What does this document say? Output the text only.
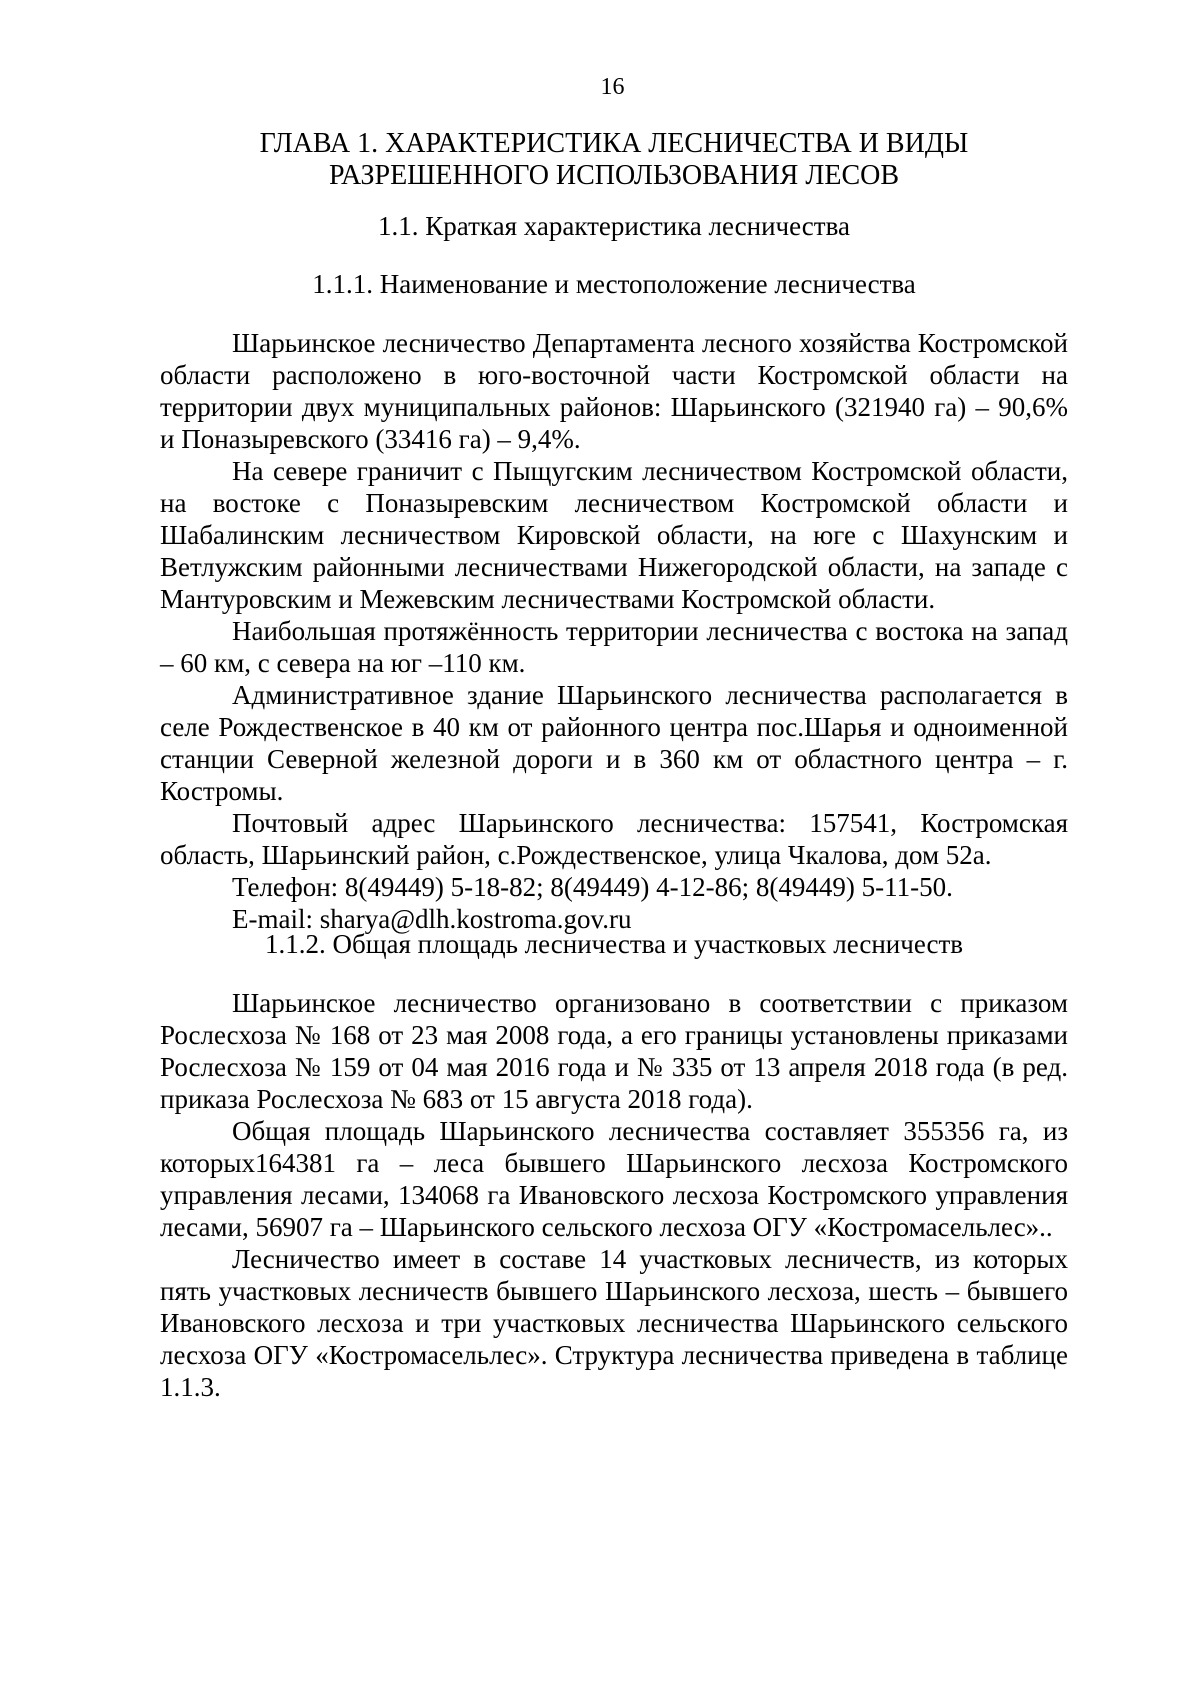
16
ГЛАВА 1. ХАРАКТЕРИСТИКА ЛЕСНИЧЕСТВА И ВИДЫ
РАЗРЕШЕННОГО ИСПОЛЬЗОВАНИЯ ЛЕСОВ
1.1. Краткая характеристика лесничества
1.1.1. Наименование и местоположение лесничества

Шарьинское лесничество Департамента лесного хозяйства Костромской области расположено в юго-восточной части Костромской области на территории двух муниципальных районов: Шарьинского (321940 га) – 90,6% и Поназыревского (33416 га) – 9,4%.

На севере граничит с Пыщугским лесничеством Костромской области, на востоке с Поназыревским лесничеством Костромской области и Шабалинским лесничеством Кировской области, на юге с Шахунским и Ветлужским районными лесничествами Нижегородской области, на западе с Мантуровским и Межевским лесничествами Костромской области.

Наибольшая протяжённость территории лесничества с востока на запад – 60 км, с севера на юг –110 км.

Административное здание Шарьинского лесничества располагается в селе Рождественское в 40 км от районного центра пос.Шарья и одноименной станции Северной железной дороги и в 360 км от областного центра – г. Костромы.

Почтовый адрес Шарьинского лесничества: 157541, Костромская область, Шарьинский район, с.Рождественское, улица Чкалова, дом 52а.

Телефон: 8(49449) 5-18-82; 8(49449) 4-12-86; 8(49449) 5-11-50.

E-mail: sharya@dlh.kostroma.gov.ru

1.1.2. Общая площадь лесничества и участковых лесничеств

Шарьинское лесничество организовано в соответствии с приказом Рослесхоза № 168 от 23 мая 2008 года, а его границы установлены приказами Рослесхоза № 159 от 04 мая 2016 года и № 335 от 13 апреля 2018 года (в ред. приказа Рослесхоза № 683 от 15 августа 2018 года).

Общая площадь Шарьинского лесничества составляет 355356 га, из которых164381 га – леса бывшего Шарьинского лесхоза Костромского управления лесами, 134068 га Ивановского лесхоза Костромского управления лесами, 56907 га – Шарьинского сельского лесхоза ОГУ «Костромасельлес»..

Лесничество имеет в составе 14 участковых лесничеств, из которых пять участковых лесничеств бывшего Шарьинского лесхоза, шесть – бывшего Ивановского лесхоза и три участковых лесничества Шарьинского сельского лесхоза ОГУ «Костромасельлес». Структура лесничества приведена в таблице 1.1.3.
